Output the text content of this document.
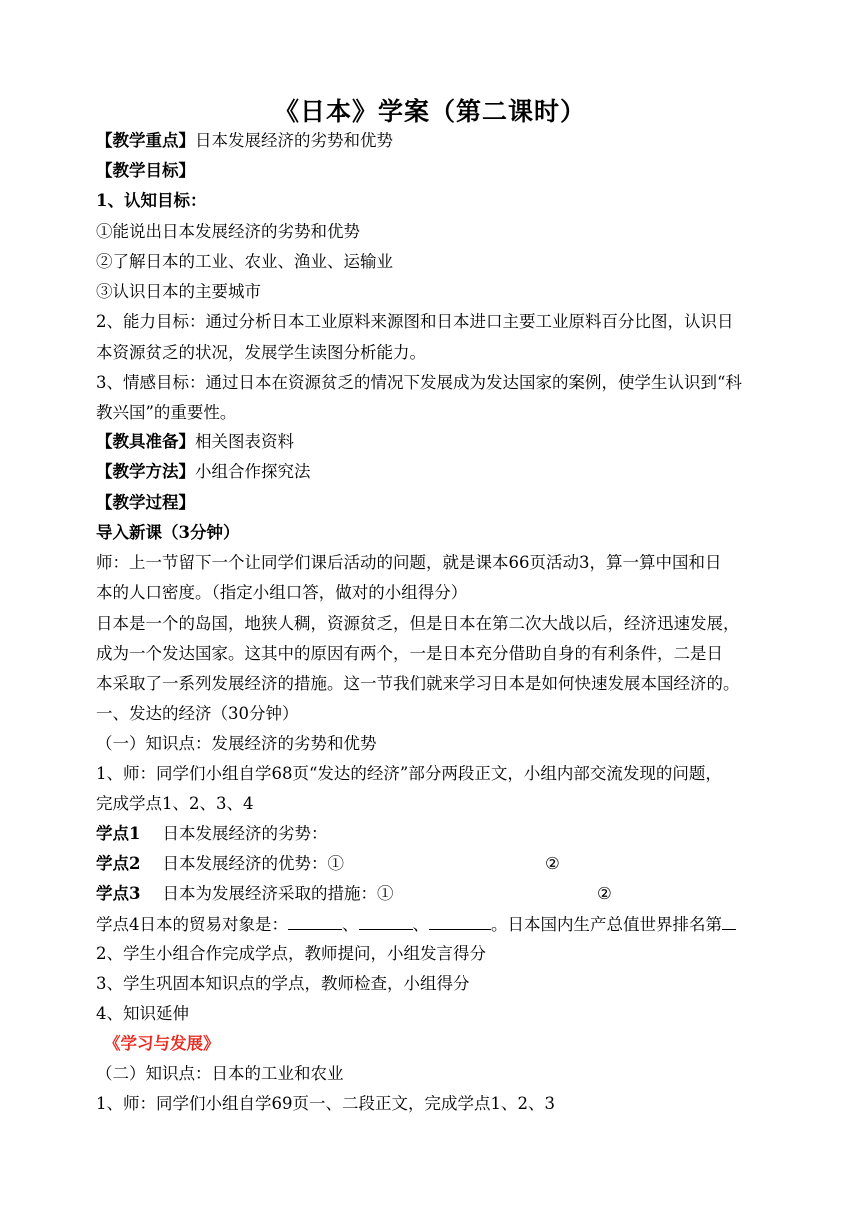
《日本》学案（第二课时）
【教学重点】日本发展经济的劣势和优势
【教学目标】
1、认知目标：
①能说出日本发展经济的劣势和优势
②了解日本的工业、农业、渔业、运输业
③认识日本的主要城市
2、能力目标：通过分析日本工业原料来源图和日本进口主要工业原料百分比图，认识日
本资源贫乏的状况，发展学生读图分析能力。
3、情感目标：通过日本在资源贫乏的情况下发展成为发达国家的案例，使学生认识到“科
教兴国”的重要性。
【教具准备】相关图表资料
【教学方法】小组合作探究法
【教学过程】
导入新课（3分钟）
师：上一节留下一个让同学们课后活动的问题，就是课本66页活动3，算一算中国和日
本的人口密度。（指定小组口答，做对的小组得分）
日本是一个的岛国，地狭人稠，资源贫乏，但是日本在第二次大战以后，经济迅速发展，
成为一个发达国家。这其中的原因有两个，一是日本充分借助自身的有利条件，二是日
本采取了一系列发展经济的措施。这一节我们就来学习日本是如何快速发展本国经济的。
一、发达的经济（30分钟）
（一）知识点：发展经济的劣势和优势
1、师：同学们小组自学68页“发达的经济”部分两段正文，小组内部交流发现的问题，
完成学点1、2、3、4
学点1 日本发展经济的劣势：
学点2 日本发展经济的优势：①	②
学点3 日本为发展经济采取的措施：①	②
学点4日本的贸易对象是：	、	、	。日本国内生产总值世界排名第
2、学生小组合作完成学点，教师提问，小组发言得分
3、学生巩固本知识点的学点，教师检查，小组得分
4、知识延伸
《学习与发展》
（二）知识点：日本的工业和农业
1、师：同学们小组自学69页一、二段正文，完成学点1、2、3
